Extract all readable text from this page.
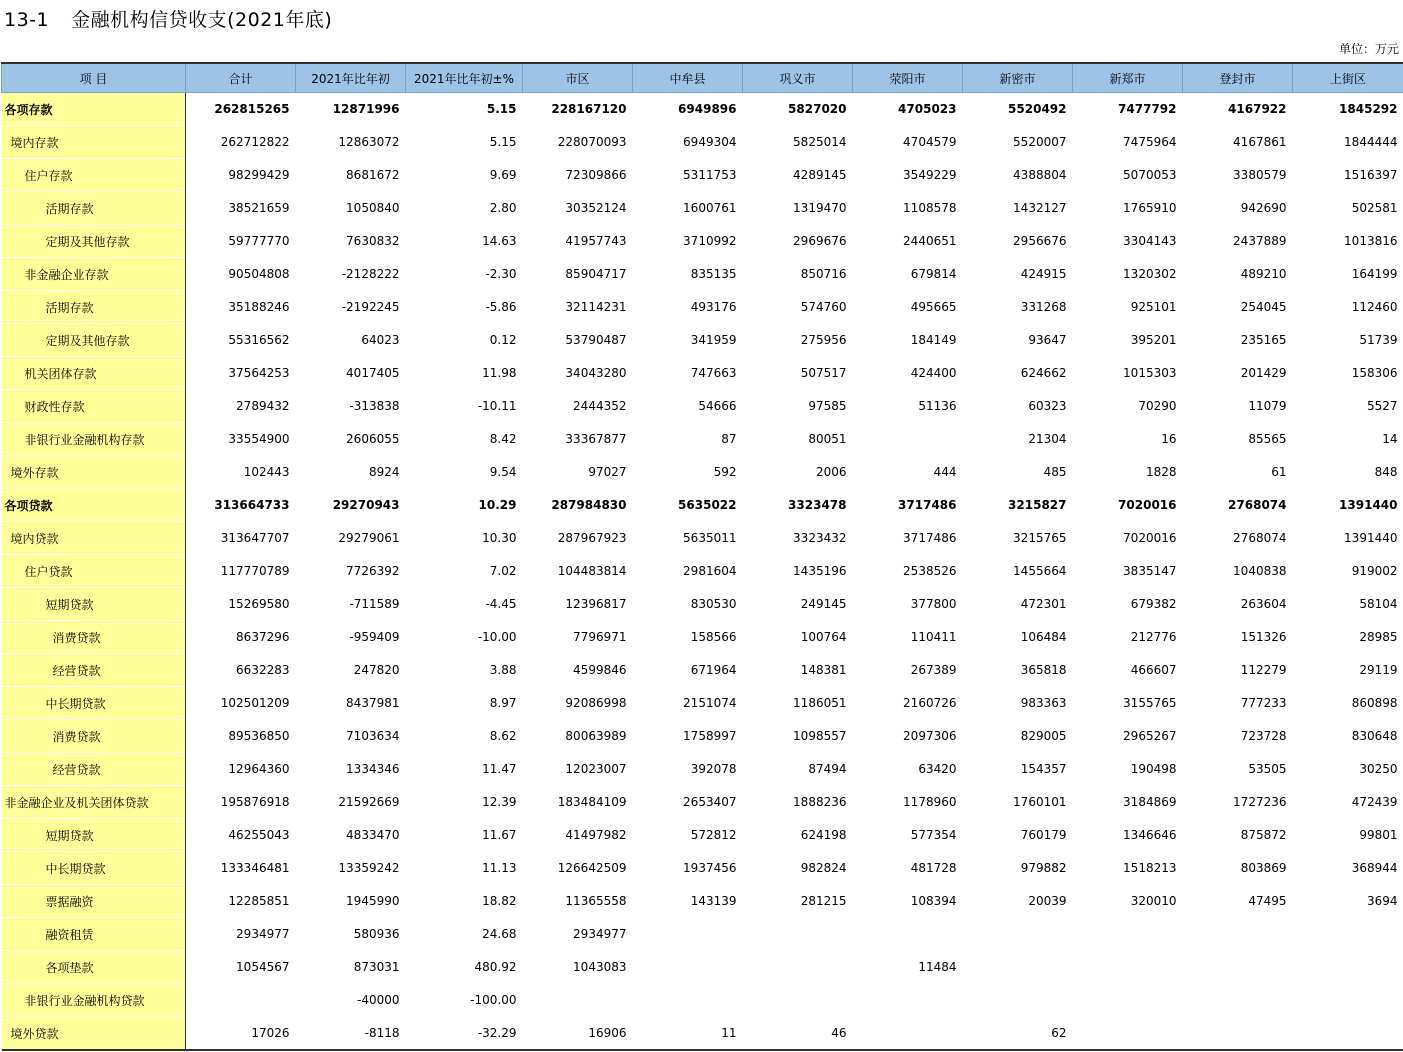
13-1 金融机构信贷收支(2021年底)
单位：万元
项 目	合计	2021年比年初	2021年比年初±%	市区	中牟县	巩义市	荥阳市	新密市	新郑市	登封市	上街区
各项存款	262815265	12871996	5.15	228167120	6949896	5827020	4705023	5520492	7477792	4167922	1845292
境内存款	262712822	12863072	5.15	228070093	6949304	5825014	4704579	5520007	7475964	4167861	1844444
住户存款	98299429	8681672	9.69	72309866	5311753	4289145	3549229	4388804	5070053	3380579	1516397
活期存款	38521659	1050840	2.80	30352124	1600761	1319470	1108578	1432127	1765910	942690	502581
定期及其他存款	59777770	7630832	14.63	41957743	3710992	2969676	2440651	2956676	3304143	2437889	1013816
非金融企业存款	90504808	-2128222	-2.30	85904717	835135	850716	679814	424915	1320302	489210	164199
活期存款	35188246	-2192245	-5.86	32114231	493176	574760	495665	331268	925101	254045	112460
定期及其他存款	55316562	64023	0.12	53790487	341959	275956	184149	93647	395201	235165	51739
机关团体存款	37564253	4017405	11.98	34043280	747663	507517	424400	624662	1015303	201429	158306
财政性存款	2789432	-313838	-10.11	2444352	54666	97585	51136	60323	70290	11079	5527
非银行业金融机构存款	33554900	2606055	8.42	33367877	87	80051		21304	16	85565	14
境外存款	102443	8924	9.54	97027	592	2006	444	485	1828	61	848
各项贷款	313664733	29270943	10.29	287984830	5635022	3323478	3717486	3215827	7020016	2768074	1391440
境内贷款	313647707	29279061	10.30	287967923	5635011	3323432	3717486	3215765	7020016	2768074	1391440
住户贷款	117770789	7726392	7.02	104483814	2981604	1435196	2538526	1455664	3835147	1040838	919002
短期贷款	15269580	-711589	-4.45	12396817	830530	249145	377800	472301	679382	263604	58104
消费贷款	8637296	-959409	-10.00	7796971	158566	100764	110411	106484	212776	151326	28985
经营贷款	6632283	247820	3.88	4599846	671964	148381	267389	365818	466607	112279	29119
中长期贷款	102501209	8437981	8.97	92086998	2151074	1186051	2160726	983363	3155765	777233	860898
消费贷款	89536850	7103634	8.62	80063989	1758997	1098557	2097306	829005	2965267	723728	830648
经营贷款	12964360	1334346	11.47	12023007	392078	87494	63420	154357	190498	53505	30250
非金融企业及机关团体贷款	195876918	21592669	12.39	183484109	2653407	1888236	1178960	1760101	3184869	1727236	472439
短期贷款	46255043	4833470	11.67	41497982	572812	624198	577354	760179	1346646	875872	99801
中长期贷款	133346481	13359242	11.13	126642509	1937456	982824	481728	979882	1518213	803869	368944
票据融资	12285851	1945990	18.82	11365558	143139	281215	108394	20039	320010	47495	3694
融资租赁	2934977	580936	24.68	2934977							
各项垫款	1054567	873031	480.92	1043083			11484				
非银行业金融机构贷款		-40000	-100.00								
境外贷款	17026	-8118	-32.29	16906	11	46		62			
